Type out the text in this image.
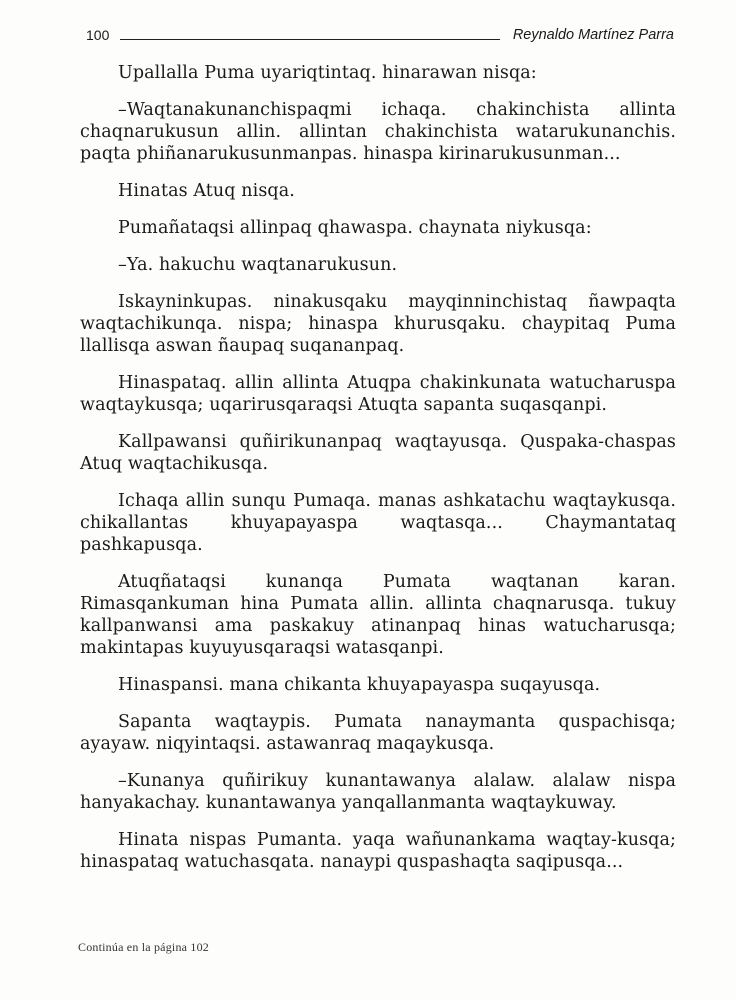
100	Reynaldo Martínez Parra

Upallalla Puma uyariqtintaq. hinarawan nisqa:

–Waqtanakunanchispaqmi ichaqa. chakinchista allinta chaqnarukusun allin. allintan chakinchista watarukunanchis. paqta phiñanarukusunmanpas. hinaspa kirinarukusunman...

Hinatas Atuq nisqa.

Pumañataqsi allinpaq qhawaspa. chaynata niykusqa:

–Ya. hakuchu waqtanarukusun.

Iskayninkupas. ninakusqaku mayqinninchistaq ñawpaqta waqtachikunqa. nispa; hinaspa khurusqaku. chaypitaq Puma llallisqa aswan ñaupaq suqananpaq.

Hinaspataq. allin allinta Atuqpa chakinkunata watucharuspa waqtaykusqa; uqarirusqaraqsi Atuqta sapanta suqasqanpi.

Kallpawansi quñirikunanpaq waqtayusqa. Quspaka-chaspas Atuq waqtachikusqa.

Ichaqa allin sunqu Pumaqa. manas ashkatachu waqtaykusqa. chikallantas khuyapayaspa waqtasqa... Chaymantataq pashkapusqa.

Atuqñataqsi kunanqa Pumata waqtanan karan. Rimasqankuman hina Pumata allin. allinta chaqnarusqa. tukuy kallpanwansi ama paskakuy atinanpaq hinas watucharusqa; makintapas kuyuyusqaraqsi watasqanpi.

Hinaspansi. mana chikanta khuyapayaspa suqayusqa.

Sapanta waqtaypis. Pumata nanaymanta quspachisqa; ayayaw. niqyintaqsi. astawanraq maqaykusqa.

–Kunanya quñirikuy kunantawanya alalaw. alalaw nispa hanyakachay. kunantawanya yanqallanmanta waqtaykuway.

Hinata nispas Pumanta. yaqa wañunankama waqtay-kusqa; hinaspataq watuchasqata. nanaypi quspashaqta saqipusqa...

Continúa en la página 102
